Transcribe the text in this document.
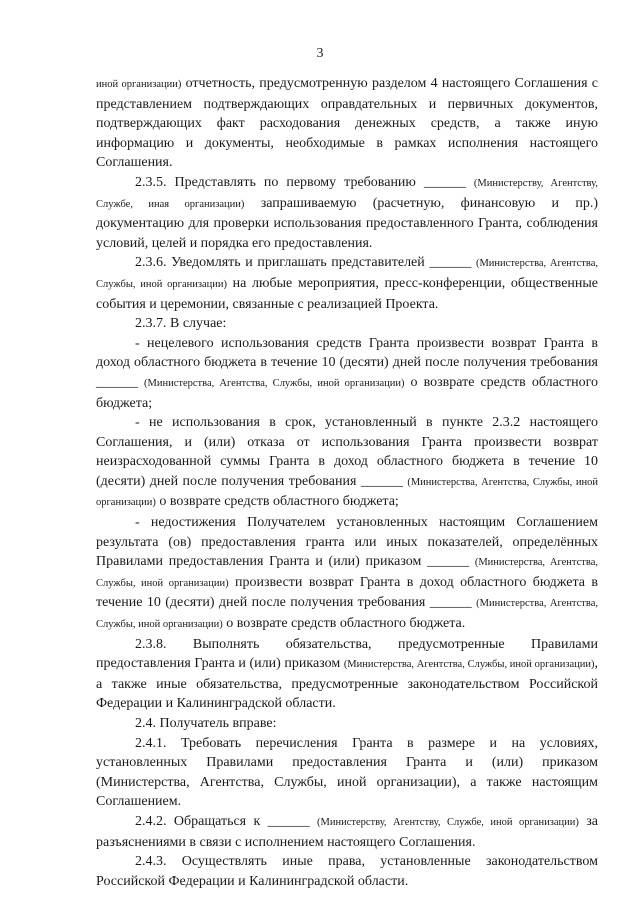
3

иной организации) отчетность, предусмотренную разделом 4 настоящего Соглашения с представлением подтверждающих оправдательных и первичных документов, подтверждающих факт расходования денежных средств, а также иную информацию и документы, необходимые в рамках исполнения настоящего Соглашения.

2.3.5. Представлять по первому требованию ______ (Министерству, Агентству, Службе, иная организации) запрашиваемую (расчетную, финансовую и пр.) документацию для проверки использования предоставленного Гранта, соблюдения условий, целей и порядка его предоставления.

2.3.6. Уведомлять и приглашать представителей ______ (Министерства, Агентства, Службы, иной организации) на любые мероприятия, пресс-конференции, общественные события и церемонии, связанные с реализацией Проекта.

2.3.7. В случае:

- нецелевого использования средств Гранта произвести возврат Гранта в доход областного бюджета в течение 10 (десяти) дней после получения требования ______ (Министерства, Агентства, Службы, иной организации) о возврате средств областного бюджета;

- не использования в срок, установленный в пункте 2.3.2 настоящего Соглашения, и (или) отказа от использования Гранта произвести возврат неизрасходованной суммы Гранта в доход областного бюджета в течение 10 (десяти) дней после получения требования ______ (Министерства, Агентства, Службы, иной организации) о возврате средств областного бюджета;

- недостижения Получателем установленных настоящим Соглашением результата (ов) предоставления гранта или иных показателей, определённых Правилами предоставления Гранта и (или) приказом ______ (Министерства, Агентства, Службы, иной организации) произвести возврат Гранта в доход областного бюджета в течение 10 (десяти) дней после получения требования ______ (Министерства, Агентства, Службы, иной организации) о возврате средств областного бюджета.

2.3.8. Выполнять обязательства, предусмотренные Правилами предоставления Гранта и (или) приказом (Министерства, Агентства, Службы, иной организации), а также иные обязательства, предусмотренные законодательством Российской Федерации и Калининградской области.

2.4. Получатель вправе:

2.4.1. Требовать перечисления Гранта в размере и на условиях, установленных Правилами предоставления Гранта и (или) приказом (Министерства, Агентства, Службы, иной организации), а также настоящим Соглашением.

2.4.2. Обращаться к ______ (Министерству, Агентству, Службе, иной организации) за разъяснениями в связи с исполнением настоящего Соглашения.

2.4.3. Осуществлять иные права, установленные законодательством Российской Федерации и Калининградской области.
